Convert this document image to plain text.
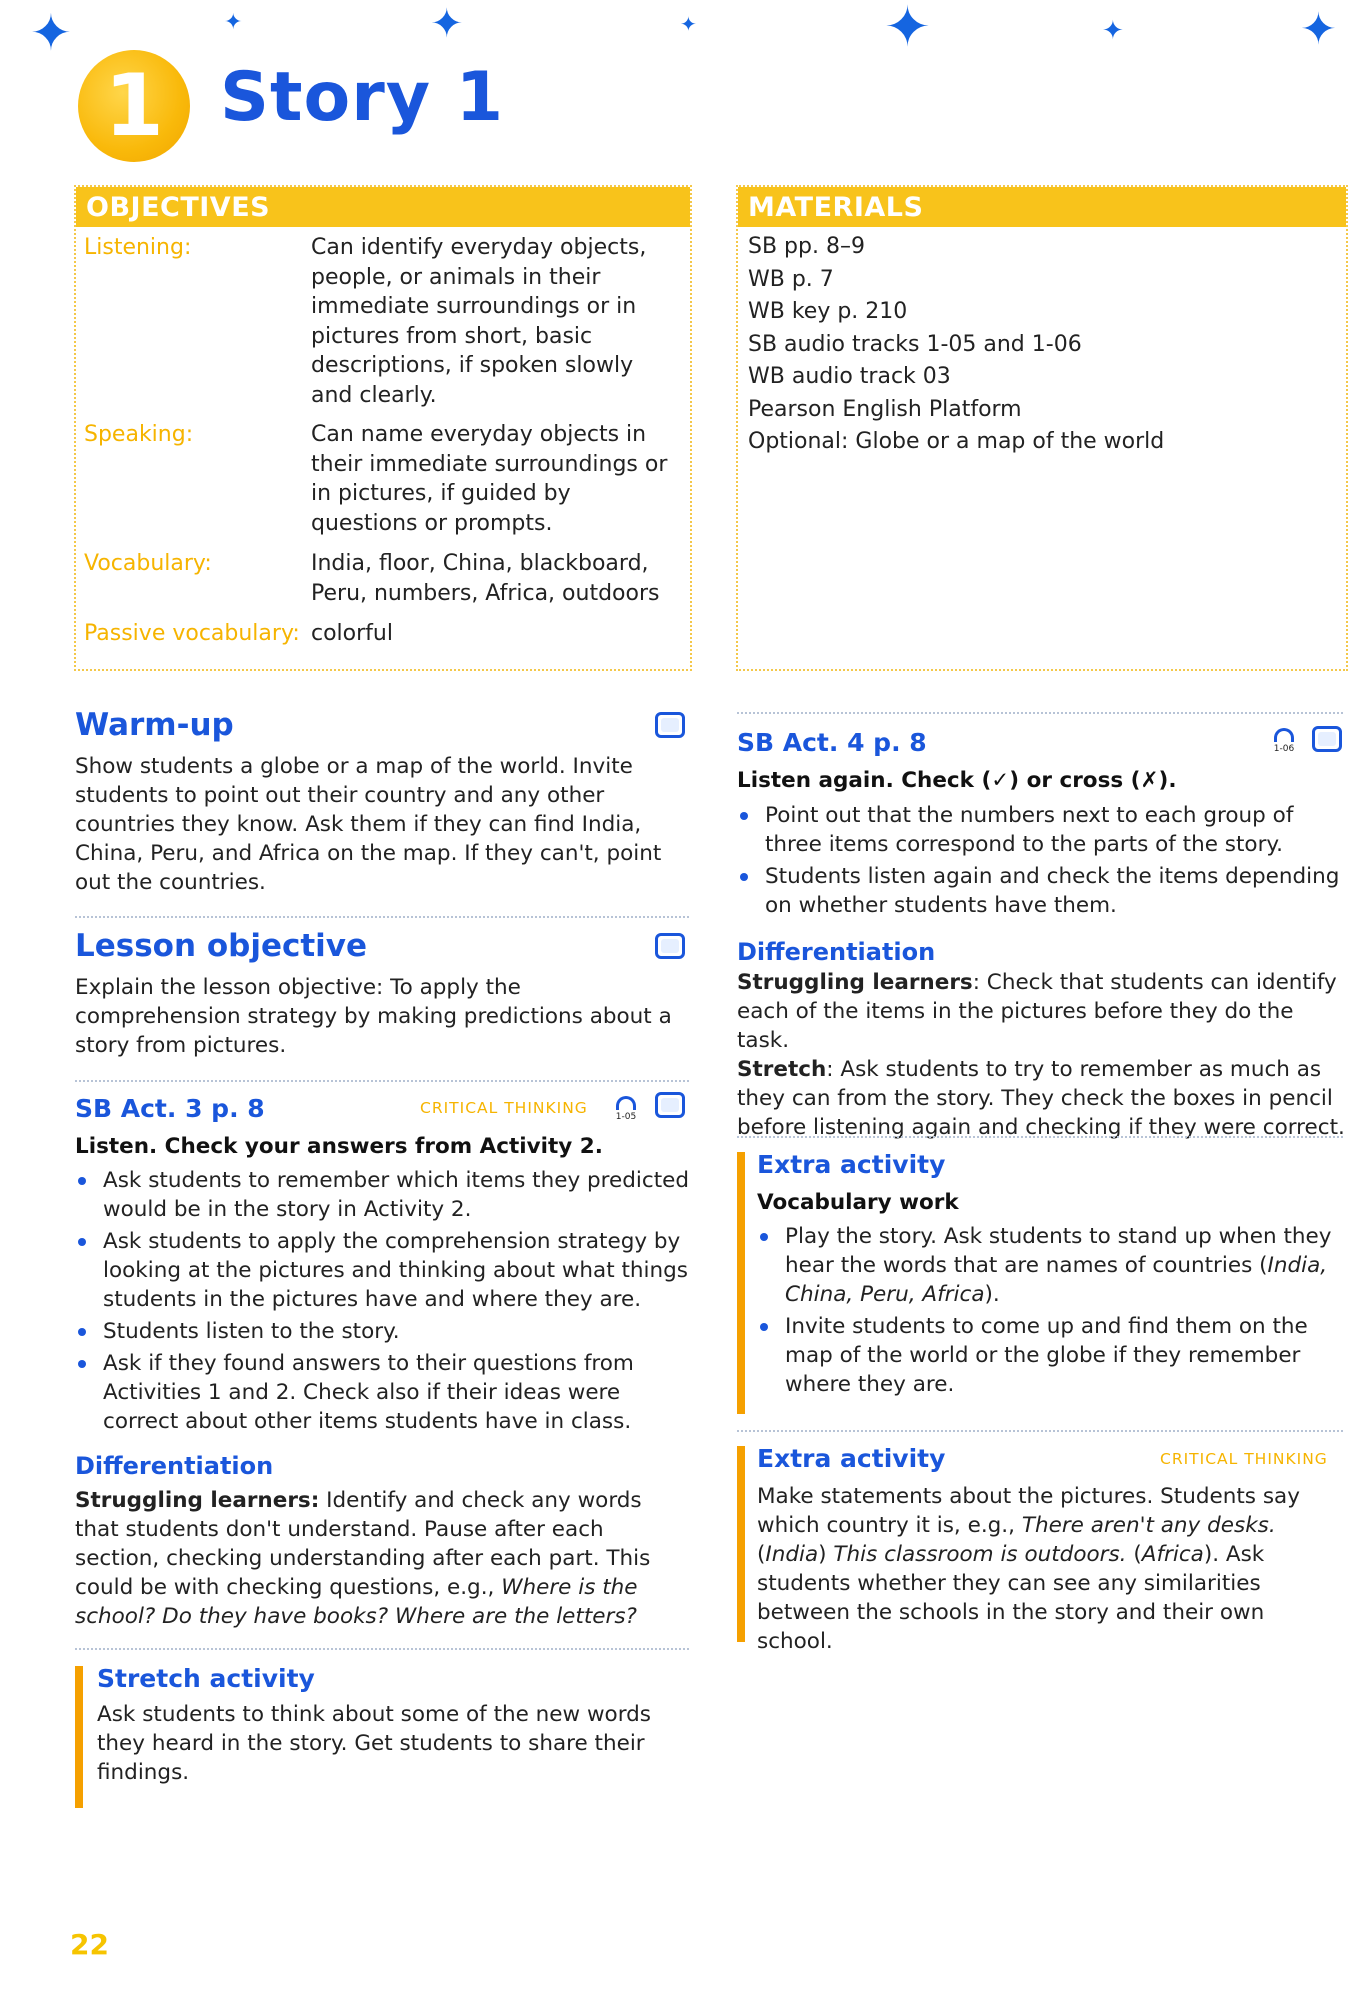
✦	✦	✦	✦	✦	✦	✦
1 Story 1
OBJECTIVES
Listening:	Can identify everyday objects, people, or animals in their immediate surroundings or in pictures from short, basic descriptions, if spoken slowly and clearly.
Speaking:	Can name everyday objects in their immediate surroundings or in pictures, if guided by questions or prompts.
Vocabulary:	India, floor, China, blackboard, Peru, numbers, Africa, outdoors
Passive vocabulary: colorful
MATERIALS
SB pp. 8–9
WB p. 7
WB key p. 210
SB audio tracks 1-05 and 1-06
WB audio track 03
Pearson English Platform
Optional: Globe or a map of the world
Warm-up
Show students a globe or a map of the world. Invite students to point out their country and any other countries they know. Ask them if they can find India, China, Peru, and Africa on the map. If they can't, point out the countries.
Lesson objective
Explain the lesson objective: To apply the comprehension strategy by making predictions about a story from pictures.
SB Act. 3 p. 8	CRITICAL THINKING	1-05
Listen. Check your answers from Activity 2.
Ask students to remember which items they predicted would be in the story in Activity 2.
Ask students to apply the comprehension strategy by looking at the pictures and thinking about what things students in the pictures have and where they are.
Students listen to the story.
Ask if they found answers to their questions from Activities 1 and 2. Check also if their ideas were correct about other items students have in class.
Differentiation
Struggling learners: Identify and check any words that students don't understand. Pause after each section, checking understanding after each part. This could be with checking questions, e.g., Where is the school? Do they have books? Where are the letters?
Stretch activity
Ask students to think about some of the new words they heard in the story. Get students to share their findings.
SB Act. 4 p. 8	1-06
Listen again. Check (✓) or cross (✗).
Point out that the numbers next to each group of three items correspond to the parts of the story.
Students listen again and check the items depending on whether students have them.
Differentiation
Struggling learners: Check that students can identify each of the items in the pictures before they do the task.
Stretch: Ask students to try to remember as much as they can from the story. They check the boxes in pencil before listening again and checking if they were correct.
Extra activity
Vocabulary work
Play the story. Ask students to stand up when they hear the words that are names of countries (India, China, Peru, Africa).
Invite students to come up and find them on the map of the world or the globe if they remember where they are.
Extra activity	CRITICAL THINKING
Make statements about the pictures. Students say which country it is, e.g., There aren't any desks. (India) This classroom is outdoors. (Africa). Ask students whether they can see any similarities between the schools in the story and their own school.
22
